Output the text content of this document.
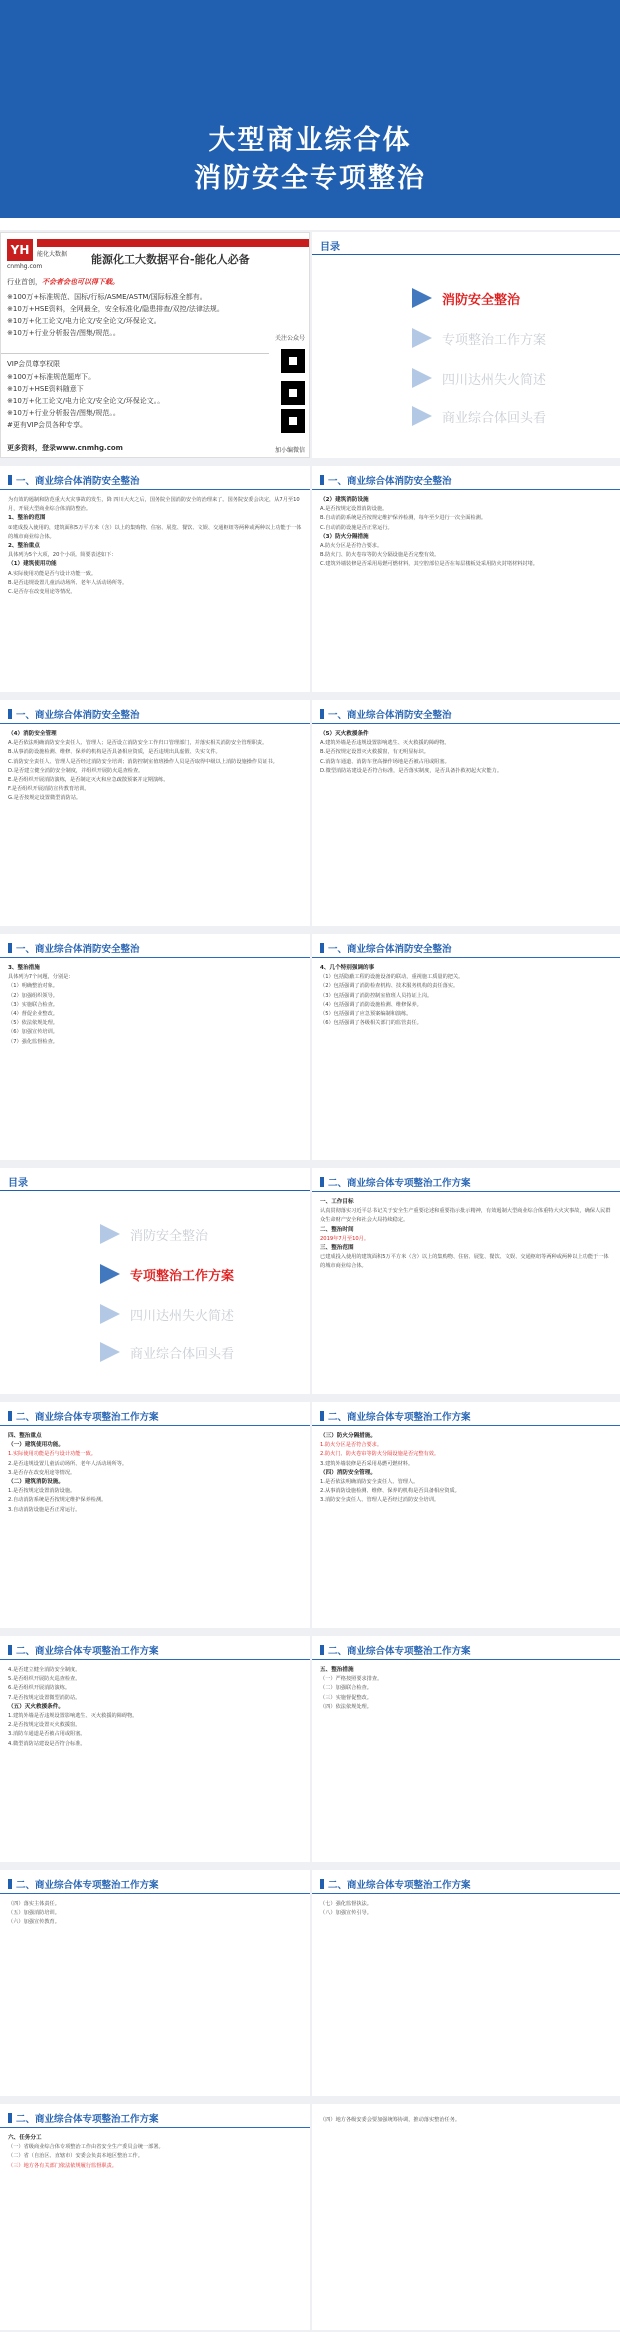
大型商业综合体
消防安全专项整治
YH	能化大数据
cnmhg.com
能源化工大数据平台-能化人必备
行业首创，不会者会也可以得下载。
※100万+标准规范、国标/行标/ASME/ASTM/国际标准全都有。
※10万+HSE资料，全网最全，安全标准化/隐患排查/双控/法律法规。
※10万+化工论文/电力论文/安全论文/环保论文。
※10万+行业分析报告/图集/规范。。
VIP会员尊享权限
※100万+标准规范题库下。
※10万+HSE资料随意下
※10万+化工论文/电力论文/安全论文/环保论文。。
※10万+行业分析报告/图集/规范。。
#更有VIP会员各种专享。
更多资料，登录www.cnmhg.com
关注公众号
加小编微信
目录
消防安全整治
专项整治工作方案
四川达州失火简述
商业综合体回头看
一、商业综合体消防安全整治

为有效的遏制和防范重大火灾事故的发生，降 四川大火之后，国务院全国消防安全的治理来了。国务院安委会决定，从7月至10月，开展大型商业综合体消防整治。

1、整治的范围

①建成投入使用的，建筑面积5万平方米（含）以上的集购物、住宿、展览、餐饮、文娱、交通枢纽等两种或两种以上功能于一体的城市商业综合体。

2、整治重点

具体列为5个大项，20个小项。简要表述如下：

（1）建筑使用功能

A.实际使用功能是否与设计功能一致。

B.是否违规设置儿童活动场所、老年人活动场所等。

C.是否存在改变用途等情况。

一、商业综合体消防安全整治

（2）建筑消防设施

A.是否按规定设置消防设施。

B.自动消防系统是否按规定维护保养检测，每年至少进行一次全面检测。

C.自动消防设施是否正常运行。

（3）防火分隔措施

A.防火分区是否符合要求。

B.防火门、防火卷帘等防火分隔设施是否完整有效。

C.建筑外墙装修是否采用易燃可燃材料，其空腔部位是否在每层楼板处采用防火封堵材料封堵。

一、商业综合体消防安全整治

（4）消防安全管理

A.是否依法明确消防安全责任人、管理人；是否设立消防安全工作归口管理部门，并落实相关消防安全管理职责。

B.从事消防设施检测、维修、保养的机构是否具备相应资质，是否违规出具虚假、失实文件。

C.消防安全责任人、管理人是否经过消防安全培训；消防控制室值班操作人员是否取得中级以上消防设施操作员证书。

D.是否建立健全消防安全制度，并组织开展防火巡查检查。

E.是否组织开展消防演练，是否制定灭火和应急疏散预案并定期演练。

F.是否组织开展消防宣传教育培训。

G.是否按规定设置微型消防站。

一、商业综合体消防安全整治

（5）灭火救援条件

A.建筑外墙是否违规设置影响逃生、灭火救援的障碍物。

B.是否按规定设置灭火救援窗，有无明显标识。

C.消防车通道、消防车登高操作场地是否被占用或阻塞。

D.微型消防站建设是否符合标准，是否落实制度，是否具备扑救初起火灾能力。

一、商业综合体消防安全整治

3、整治措施

具体列为7个问题，分别是：

（1）明确整治对象。

（2）加强组织领导。

（3）实施联合检查。

（4）督促企业整改。

（5）依法依规处理。

（6）加强宣传培训。

（7）强化监督检查。

一、商业综合体消防安全整治

4、几个特别强调的事

（1）包括隐蔽工程的设施设备的联动，重视施工质量的把关。

（2）包括强调了消防检查机构、技术服务机构的责任落实。

（3）包括强调了消防控制室值班人员持证上岗。

（4）包括强调了消防设施检测、维修保养。

（5）包括强调了应急预案编制和演练。

（6）包括强调了各级相关部门的监管责任。

目录
消防安全整治
专项整治工作方案
四川达州失火简述
商业综合体回头看
二、商业综合体专项整治工作方案

一、工作目标

认真贯彻落实习近平总书记关于安全生产重要论述和重要指示批示精神，有效遏制大型商业综合体重特大火灾事故，确保人民群众生命财产安全和社会大局持续稳定。

二、整治时间

2019年7月至10月。

三、整治范围

已建成投入使用的建筑面积5万平方米（含）以上的集购物、住宿、展览、餐饮、文娱、交通枢纽等两种或两种以上功能于一体的城市商业综合体。

二、商业综合体专项整治工作方案

四、整治重点

（一）建筑使用功能。

1.实际使用功能是否与设计功能一致。

2.是否违规设置儿童活动场所、老年人活动场所等。

3.是否存在改变用途等情况。

（二）建筑消防设施。

1.是否按规定设置消防设施。

2.自动消防系统是否按规定维护保养检测。

3.自动消防设施是否正常运行。

二、商业综合体专项整治工作方案

（三）防火分隔措施。

1.防火分区是否符合要求。

2.防火门、防火卷帘等防火分隔设施是否完整有效。

3.建筑外墙装修是否采用易燃可燃材料。

（四）消防安全管理。

1.是否依法明确消防安全责任人、管理人。

2.从事消防设施检测、维修、保养的机构是否具备相应资质。

3.消防安全责任人、管理人是否经过消防安全培训。

二、商业综合体专项整治工作方案

4.是否建立健全消防安全制度。

5.是否组织开展防火巡查检查。

6.是否组织开展消防演练。

7.是否按规定设置微型消防站。

（五）灭火救援条件。

1.建筑外墙是否违规设置影响逃生、灭火救援的障碍物。

2.是否按规定设置灭火救援窗。

3.消防车通道是否被占用或阻塞。

4.微型消防站建设是否符合标准。

二、商业综合体专项整治工作方案

五、整治措施

（一）严格按照要求排查。

（二）加强联合检查。

（三）实施督促整改。

（四）依法依规处理。

二、商业综合体专项整治工作方案

（四）落实主体责任。

（五）加强消防培训。

（六）加强宣传教育。

二、商业综合体专项整治工作方案

（七）强化监督执法。

（八）加强宣传引导。

二、商业综合体专项整治工作方案

六、任务分工

（一）省级商业综合体专项整治工作由省安全生产委员会统一部署。

（二）省（自治区、直辖市）安委会负责本地区整治工作。

（三）地方各有关部门依法依规履行监督职责。

（四）地方各级安委会要加强统筹协调，推动落实整治任务。
